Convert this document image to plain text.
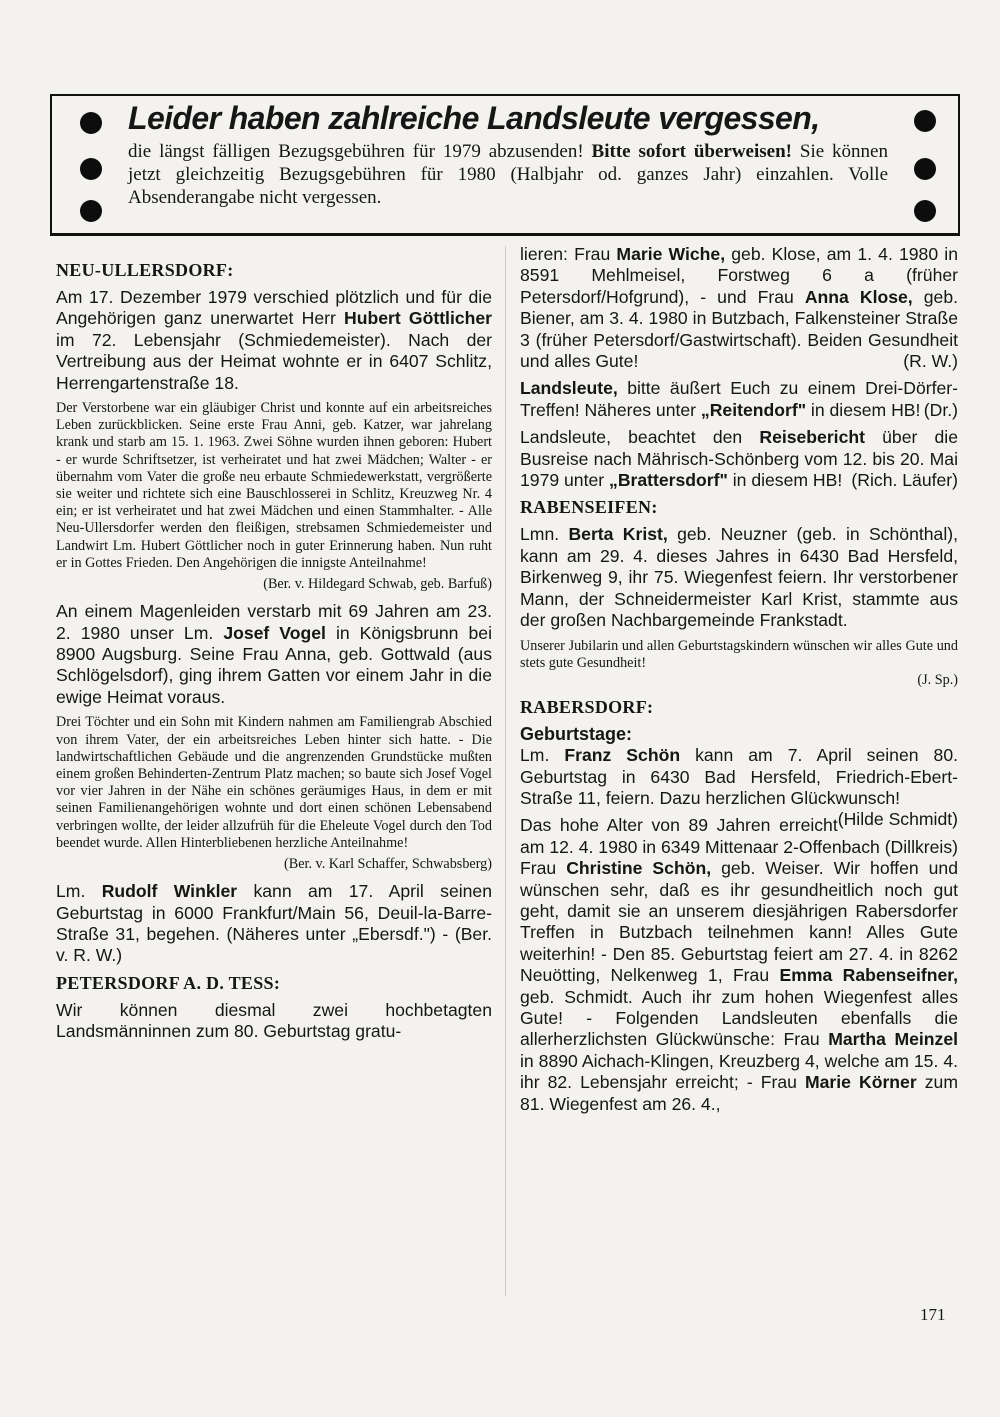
Leider haben zahlreiche Landsleute vergessen,

die längst fälligen Bezugsgebühren für 1979 abzusenden! Bitte sofort überweisen! Sie können jetzt gleichzeitig Bezugsgebühren für 1980 (Halbjahr od. ganzes Jahr) einzahlen. Volle Absenderangabe nicht vergessen.

NEU-ULLERSDORF:

Am 17. Dezember 1979 verschied plötzlich und für die Angehörigen ganz unerwartet Herr Hubert Göttlicher im 72. Lebensjahr (Schmiedemeister). Nach der Vertreibung aus der Heimat wohnte er in 6407 Schlitz, Herrengartenstraße 18.

Der Verstorbene war ein gläubiger Christ und konnte auf ein arbeitsreiches Leben zurückblicken. Seine erste Frau Anni, geb. Katzer, war jahrelang krank und starb am 15. 1. 1963. Zwei Söhne wurden ihnen geboren: Hubert - er wurde Schriftsetzer, ist verheiratet und hat zwei Mädchen; Walter - er übernahm vom Vater die große neu erbaute Schmiedewerkstatt, vergrößerte sie weiter und richtete sich eine Bauschlosserei in Schlitz, Kreuzweg Nr. 4 ein; er ist verheiratet und hat zwei Mädchen und einen Stammhalter. - Alle Neu-Ullersdorfer werden den fleißigen, strebsamen Schmiedemeister und Landwirt Lm. Hubert Göttlicher noch in guter Erinnerung haben. Nun ruht er in Gottes Frieden. Den Angehörigen die innigste Anteilnahme!

(Ber. v. Hildegard Schwab, geb. Barfuß)

An einem Magenleiden verstarb mit 69 Jahren am 23. 2. 1980 unser Lm. Josef Vogel in Königsbrunn bei 8900 Augsburg. Seine Frau Anna, geb. Gottwald (aus Schlögelsdorf), ging ihrem Gatten vor einem Jahr in die ewige Heimat voraus.

Drei Töchter und ein Sohn mit Kindern nahmen am Familiengrab Abschied von ihrem Vater, der ein arbeitsreiches Leben hinter sich hatte. - Die landwirtschaftlichen Gebäude und die angrenzenden Grundstücke mußten einem großen Behinderten-Zentrum Platz machen; so baute sich Josef Vogel vor vier Jahren in der Nähe ein schönes geräumiges Haus, in dem er mit seinen Familienangehörigen wohnte und dort einen schönen Lebensabend verbringen wollte, der leider allzufrüh für die Eheleute Vogel durch den Tod beendet wurde. Allen Hinterbliebenen herzliche Anteilnahme!

(Ber. v. Karl Schaffer, Schwabsberg)

Lm. Rudolf Winkler kann am 17. April seinen Geburtstag in 6000 Frankfurt/Main 56, Deuil-la-Barre-Straße 31, begehen. (Näheres unter „Ebersdf.") - (Ber. v. R. W.)

PETERSDORF A. D. TESS:

Wir können diesmal zwei hochbetagten Landsmänninnen zum 80. Geburtstag gratu-

lieren: Frau Marie Wiche, geb. Klose, am 1. 4. 1980 in 8591 Mehlmeisel, Forstweg 6 a (früher Petersdorf/Hofgrund), - und Frau Anna Klose, geb. Biener, am 3. 4. 1980 in Butzbach, Falkensteiner Straße 3 (früher Petersdorf/Gastwirtschaft). Beiden Gesundheit und alles Gute!	(R. W.)

Landsleute, bitte äußert Euch zu einem Drei-Dörfer-Treffen! Näheres unter „Reitendorf" in diesem HB! (Dr.)

Landsleute, beachtet den Reisebericht über die Busreise nach Mährisch-Schönberg vom 12. bis 20. Mai 1979 unter „Brattersdorf" in diesem HB! (Rich. Läufer)

RABENSEIFEN:

Lmn. Berta Krist, geb. Neuzner (geb. in Schönthal), kann am 29. 4. dieses Jahres in 6430 Bad Hersfeld, Birkenweg 9, ihr 75. Wiegenfest feiern. Ihr verstorbener Mann, der Schneidermeister Karl Krist, stammte aus der großen Nachbargemeinde Frankstadt.

Unserer Jubilarin und allen Geburtstagskindern wünschen wir alles Gute und stets gute Gesundheit!

(J. Sp.)

RABERSDORF:

Geburtstage:

Lm. Franz Schön kann am 7. April seinen 80. Geburtstag in 6430 Bad Hersfeld, Friedrich-Ebert-Straße 11, feiern. Dazu herzlichen Glückwunsch!
(Hilde Schmidt)

Das hohe Alter von 89 Jahren erreicht am 12. 4. 1980 in 6349 Mittenaar 2-Offenbach (Dillkreis) Frau Christine Schön, geb. Weiser. Wir hoffen und wünschen sehr, daß es ihr gesundheitlich noch gut geht, damit sie an unserem diesjährigen Rabersdorfer Treffen in Butzbach teilnehmen kann! Alles Gute weiterhin! - Den 85. Geburtstag feiert am 27. 4. in 8262 Neuötting, Nelkenweg 1, Frau Emma Rabenseifner, geb. Schmidt. Auch ihr zum hohen Wiegenfest alles Gute! - Folgenden Landsleuten ebenfalls die allerherzlichsten Glückwünsche: Frau Martha Meinzel in 8890 Aichach-Klingen, Kreuzberg 4, welche am 15. 4. ihr 82. Lebensjahr erreicht; - Frau Marie Körner zum 81. Wiegenfest am 26. 4.,

171
